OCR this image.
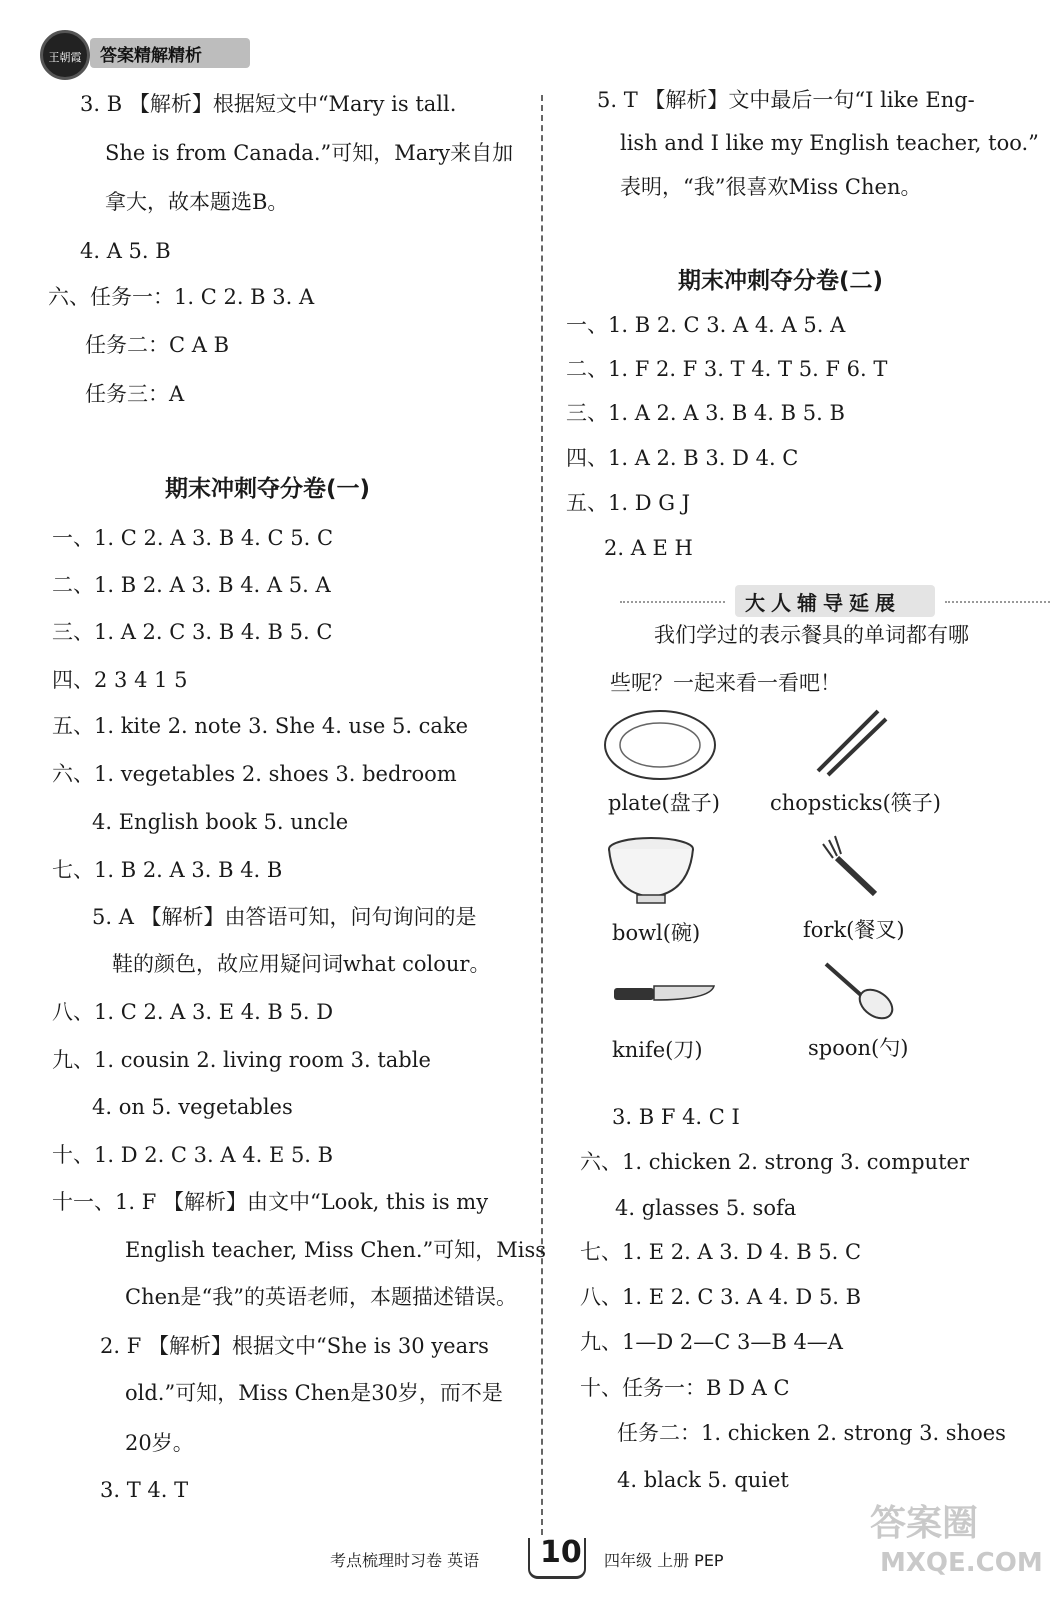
王朝霞	答案精解精析
3. B 【解析】根据短文中“Mary is tall.
She is from Canada.”可知，Mary来自加
拿大，故本题选B。
4. A 5. B
六、任务一：1. C 2. B 3. A
任务二：C A B
任务三：A
期末冲刺夺分卷(一)
一、1. C 2. A 3. B 4. C 5. C
二、1. B 2. A 3. B 4. A 5. A
三、1. A 2. C 3. B 4. B 5. C
四、2 3 4 1 5
五、1. kite 2. note 3. She 4. use 5. cake
六、1. vegetables 2. shoes 3. bedroom
4. English book 5. uncle
七、1. B 2. A 3. B 4. B
5. A 【解析】由答语可知，问句询问的是
鞋的颜色，故应用疑问词what colour。
八、1. C 2. A 3. E 4. B 5. D
九、1. cousin 2. living room 3. table
4. on 5. vegetables
十、1. D 2. C 3. A 4. E 5. B
十一、1. F 【解析】由文中“Look, this is my
English teacher, Miss Chen.”可知，Miss
Chen是“我”的英语老师，本题描述错误。
2. F 【解析】根据文中“She is 30 years
old.”可知，Miss Chen是30岁，而不是
20岁。
3. T 4. T
5. T 【解析】文中最后一句“I like Eng-
lish and I like my English teacher, too.”
表明，“我”很喜欢Miss Chen。
期末冲刺夺分卷(二)
一、1. B 2. C 3. A 4. A 5. A
二、1. F 2. F 3. T 4. T 5. F 6. T
三、1. A 2. A 3. B 4. B 5. B
四、1. A 2. B 3. D 4. C
五、1. D G J
2. A E H
大人辅导延展
我们学过的表示餐具的单词都有哪
些呢？一起来看一看吧！
plate(盘子) chopsticks(筷子)
bowl(碗)	fork(餐叉)
knife(刀)	spoon(勺)
3. B F 4. C I
六、1. chicken 2. strong 3. computer
4. glasses 5. sofa
七、1. E 2. A 3. D 4. B 5. C
八、1. E 2. C 3. A 4. D 5. B
九、1—D 2—C 3—B 4—A
十、任务一：B D A C
任务二：1. chicken 2. strong 3. shoes
4. black 5. quiet
考点梳理时习卷 英语 10 四年级 上册 PEP
答案圈
MXQE.COM
